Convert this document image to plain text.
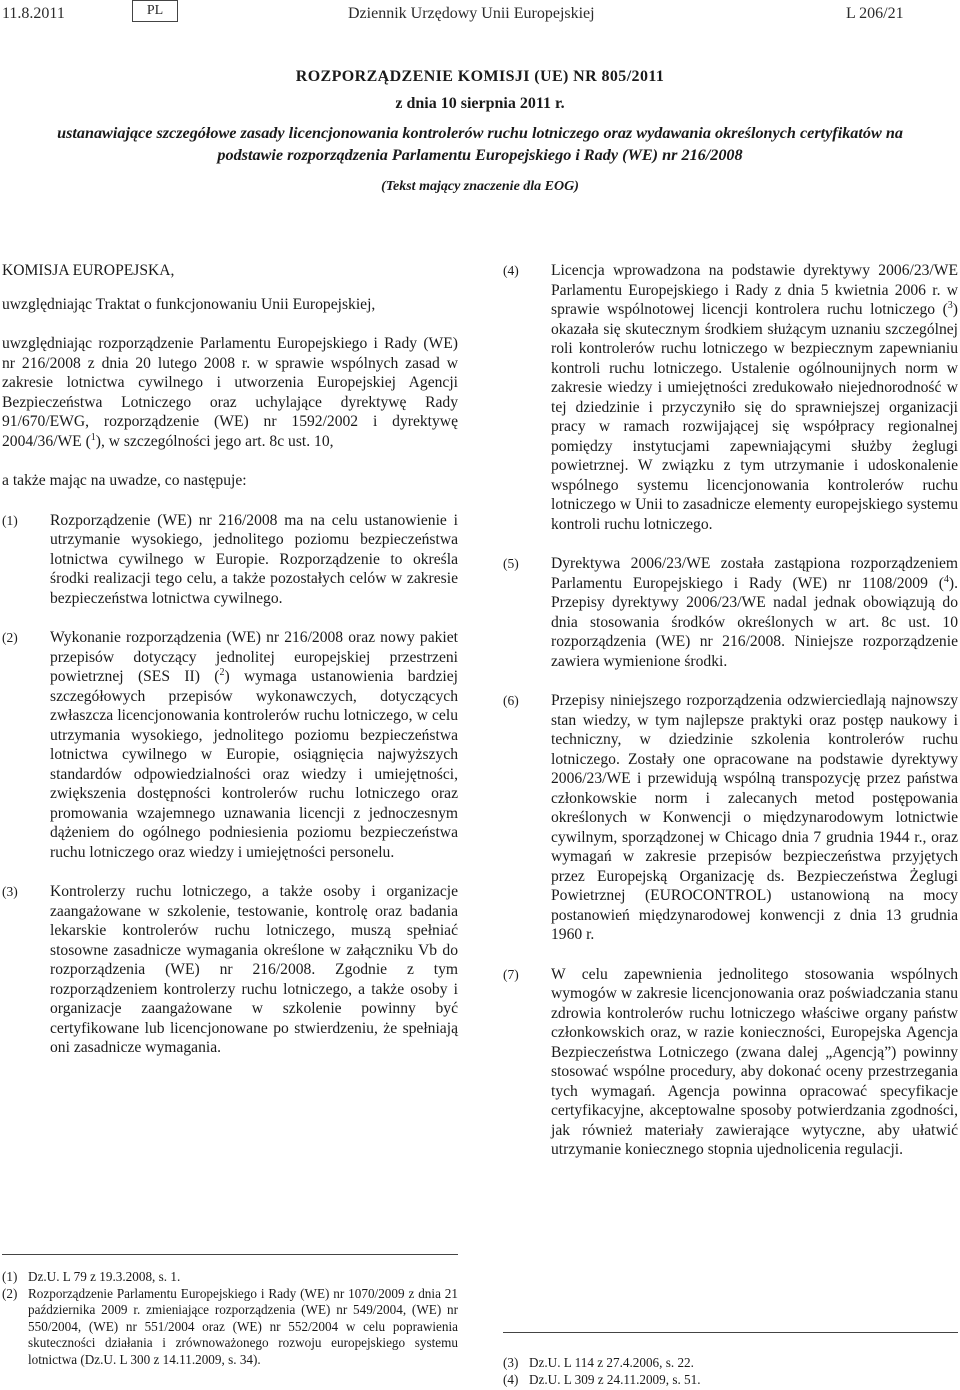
11.8.2011	PL	Dziennik Urzędowy Unii Europejskiej	L 206/21
ROZPORZĄDZENIE KOMISJI (UE) NR 805/2011
z dnia 10 sierpnia 2011 r.
ustanawiające szczegółowe zasady licencjonowania kontrolerów ruchu lotniczego oraz wydawania określonych certyfikatów na podstawie rozporządzenia Parlamentu Europejskiego i Rady (WE) nr 216/2008
(Tekst mający znaczenie dla EOG)

KOMISJA EUROPEJSKA,

uwzględniając Traktat o funkcjonowaniu Unii Europejskiej,

uwzględniając rozporządzenie Parlamentu Europejskiego i Rady (WE) nr 216/2008 z dnia 20 lutego 2008 r. w sprawie wspólnych zasad w zakresie lotnictwa cywilnego i utworzenia Europejskiej Agencji Bezpieczeństwa Lotniczego oraz uchylające dyrektywę Rady 91/670/EWG, rozporządzenie (WE) nr 1592/2002 i dyrektywę 2004/36/WE ($^1$), w szczególności jego art. 8c ust. 10,

a także mając na uwadze, co następuje:

(1) Rozporządzenie (WE) nr 216/2008 ma na celu ustanowienie i utrzymanie wysokiego, jednolitego poziomu bezpieczeństwa lotnictwa cywilnego w Europie. Rozporządzenie to określa środki realizacji tego celu, a także pozostałych celów w zakresie bezpieczeństwa lotnictwa cywilnego.
(2) Wykonanie rozporządzenia (WE) nr 216/2008 oraz nowy pakiet przepisów dotyczący jednolitej europejskiej przestrzeni powietrznej (SES II) ($^2$) wymaga ustanowienia bardziej szczegółowych przepisów wykonawczych, dotyczących zwłaszcza licencjonowania kontrolerów ruchu lotniczego, w celu utrzymania wysokiego, jednolitego poziomu bezpieczeństwa lotnictwa cywilnego w Europie, osiągnięcia najwyższych standardów odpowiedzialności oraz wiedzy i umiejętności, zwiększenia dostępności kontrolerów ruchu lotniczego oraz promowania wzajemnego uznawania licencji z jednoczesnym dążeniem do ogólnego podniesienia poziomu bezpieczeństwa ruchu lotniczego oraz wiedzy i umiejętności personelu.
(3) Kontrolerzy ruchu lotniczego, a także osoby i organizacje zaangażowane w szkolenie, testowanie, kontrolę oraz badania lekarskie kontrolerów ruchu lotniczego, muszą spełniać stosowne zasadnicze wymagania określone w załączniku Vb do rozporządzenia (WE) nr 216/2008. Zgodnie z tym rozporządzeniem kontrolerzy ruchu lotniczego, a także osoby i organizacje zaangażowane w szkolenie powinny być certyfikowane lub licencjonowane po stwierdzeniu, że spełniają oni zasadnicze wymagania.
(4) Licencja wprowadzona na podstawie dyrektywy 2006/23/WE Parlamentu Europejskiego i Rady z dnia 5 kwietnia 2006 r. w sprawie wspólnotowej licencji kontrolera ruchu lotniczego ($^3$) okazała się skutecznym środkiem służącym uznaniu szczególnej roli kontrolerów ruchu lotniczego w bezpiecznym zapewnianiu kontroli ruchu lotniczego. Ustalenie ogólnounijnych norm w zakresie wiedzy i umiejętności zredukowało niejednorodność w tej dziedzinie i przyczyniło się do sprawniejszej organizacji pracy w ramach rozwijającej się współpracy regionalnej pomiędzy instytucjami zapewniającymi służby żeglugi powietrznej. W związku z tym utrzymanie i udoskonalenie wspólnego systemu licencjonowania kontrolerów ruchu lotniczego w Unii to zasadnicze elementy europejskiego systemu kontroli ruchu lotniczego.
(5) Dyrektywa 2006/23/WE została zastąpiona rozporządzeniem Parlamentu Europejskiego i Rady (WE) nr 1108/2009 ($^4$). Przepisy dyrektywy 2006/23/WE nadal jednak obowiązują do dnia stosowania środków określonych w art. 8c ust. 10 rozporządzenia (WE) nr 216/2008. Niniejsze rozporządzenie zawiera wymienione środki.
(6) Przepisy niniejszego rozporządzenia odzwierciedlają najnowszy stan wiedzy, w tym najlepsze praktyki oraz postęp naukowy i techniczny, w dziedzinie szkolenia kontrolerów ruchu lotniczego. Zostały one opracowane na podstawie dyrektywy 2006/23/WE i przewidują wspólną transpozycję przez państwa członkowskie norm i zalecanych metod postępowania określonych w Konwencji o międzynarodowym lotnictwie cywilnym, sporządzonej w Chicago dnia 7 grudnia 1944 r., oraz wymagań w zakresie przepisów bezpieczeństwa przyjętych przez Europejską Organizację ds. Bezpieczeństwa Żeglugi Powietrznej (EUROCONTROL) ustanowioną na mocy postanowień międzynarodowej konwencji z dnia 13 grudnia 1960 r.
(7) W celu zapewnienia jednolitego stosowania wspólnych wymogów w zakresie licencjonowania oraz poświadczania stanu zdrowia kontrolerów ruchu lotniczego właściwe organy państw członkowskich oraz, w razie konieczności, Europejska Agencja Bezpieczeństwa Lotniczego (zwana dalej „Agencją”) powinny stosować wspólne procedury, aby dokonać oceny przestrzegania tych wymagań. Agencja powinna opracować specyfikacje certyfikacyjne, akceptowalne sposoby potwierdzania zgodności, jak również materiały zawierające wytyczne, aby ułatwić utrzymanie koniecznego stopnia ujednolicenia regulacji.

(1) Dz.U. L 79 z 19.3.2008, s. 1.

(2) Rozporządzenie Parlamentu Europejskiego i Rady (WE) nr 1070/2009 z dnia 21 października 2009 r. zmieniające rozporządzenia (WE) nr 549/2004, (WE) nr 550/2004, (WE) nr 551/2004 oraz (WE) nr 552/2004 w celu poprawienia skuteczności działania i zrównoważonego rozwoju europejskiego systemu lotnictwa (Dz.U. L 300 z 14.11.2009, s. 34).	(3) Dz.U. L 114 z 27.4.2006, s. 22.

(4) Dz.U. L 309 z 24.11.2009, s. 51.
